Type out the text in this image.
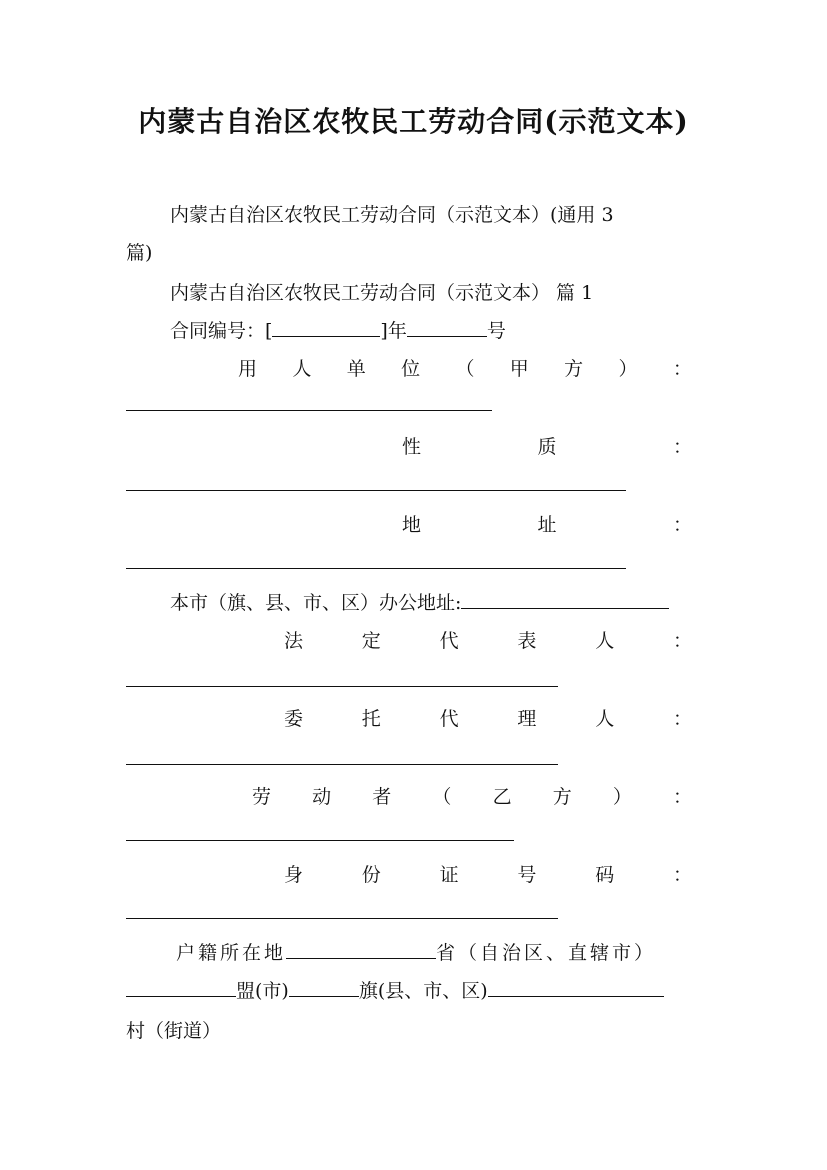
内蒙古自治区农牧民工劳动合同(示范文本)
内蒙古自治区农牧民工劳动合同（示范文本）(通用 3
篇)
内蒙古自治区农牧民工劳动合同（示范文本） 篇 1
合同编号：[	]年	号
用 人 单 位 （ 甲 方 ） ：
性	质	：
地	址	：
本市（旗、县、市、区）办公地址:
法	定	代	表	人	：
委	托	代	理	人	：
劳 动 者 （ 乙 方 ） ：
身	份	证	号	码	：
户籍所在地	省（自治区、直辖市）
盟(市)	旗(县、市、区)
村（街道）
